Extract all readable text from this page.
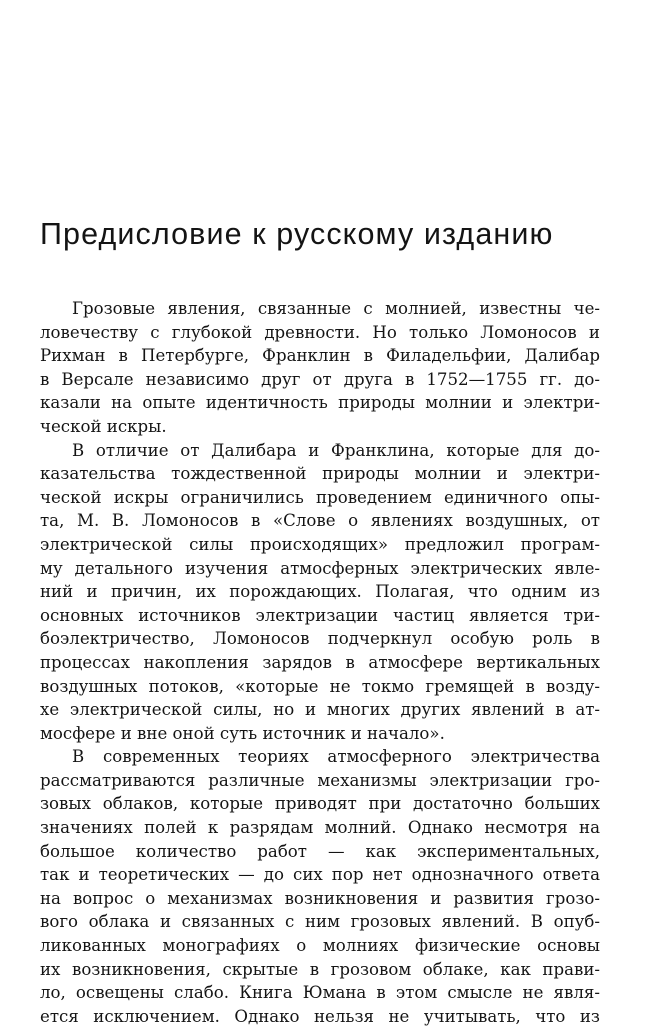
Предисловие к русскому изданию

Грозовые явления, связанные с молнией, известны че-
ловечеству с глубокой древности. Но только Ломоносов и
Рихман в Петербурге, Франклин в Филадельфии, Далибар
в Версале независимо друг от друга в 1752—1755 гг. до-
казали на опыте идентичность природы молнии и электри-
ческой искры.

В отличие от Далибара и Франклина, которые для до-
казательства тождественной природы молнии и электри-
ческой искры ограничились проведением единичного опы-
та, М. В. Ломоносов в «Слове о явлениях воздушных, от
электрической силы происходящих» предложил програм-
му детального изучения атмосферных электрических явле-
ний и причин, их порождающих. Полагая, что одним из
основных источников электризации частиц является три-
боэлектричество, Ломоносов подчеркнул особую роль в
процессах накопления зарядов в атмосфере вертикальных
воздушных потоков, «которые не токмо гремящей в возду-
хе электрической силы, но и многих других явлений в ат-
мосфере и вне оной суть источник и начало».

В современных теориях атмосферного электричества
рассматриваются различные механизмы электризации гро-
зовых облаков, которые приводят при достаточно больших
значениях полей к разрядам молний. Однако несмотря на
большое количество работ — как экспериментальных,
так и теоретических — до сих пор нет однозначного ответа
на вопрос о механизмах возникновения и развития грозо-
вого облака и связанных с ним грозовых явлений. В опуб-
ликованных монографиях о молниях физические основы
их возникновения, скрытые в грозовом облаке, как прави-
ло, освещены слабо. Книга Юмана в этом смысле не явля-
ется исключением. Однако нельзя не учитывать, что из
